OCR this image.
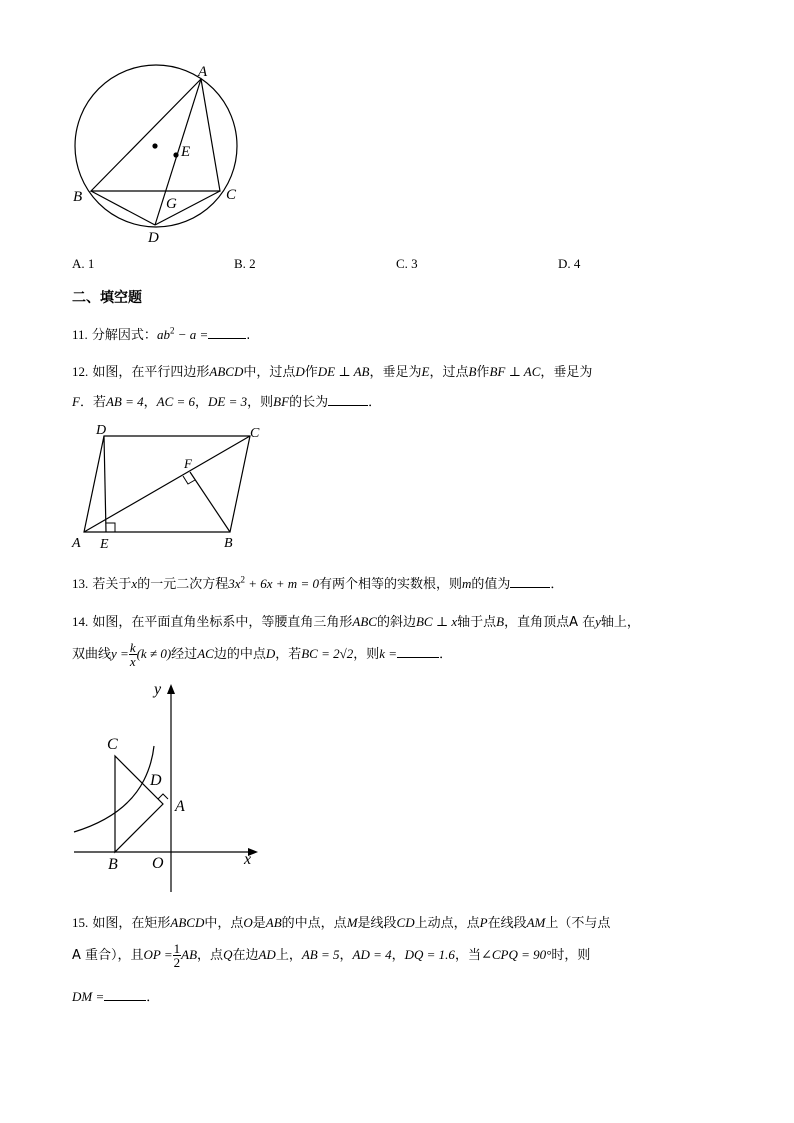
A
B	C
D
E
G
A. 1	B. 2	C. 3	D. 4
二、填空题
11. 分解因式：$ab^2 - a$ =	.
12. 如图，在平行四边形ABCD中，过点D作DE ⊥ AB，垂足为E，过点B作BF ⊥ AC，垂足为
F．若AB = 4，AC = 6，DE = 3，则BF的长为	．
A E	B
C
D
F
13. 若关于x的一元二次方程$3x^2 + 6x + m = 0$有两个相等的实数根，则m的值为	．
14. 如图，在平面直角坐标系中，等腰直角三角形ABC的斜边BC ⊥ x轴于点B，直角顶点A 在y轴上，
双曲线$y = \frac{k}{x} (k \ne 0)$经过AC边的中点D，若BC = 2√2，则k =	．
x
y
O
B
C
D
A
15. 如图，在矩形ABCD中，点O是AB的中点，点M是线段CD上动点，点P在线段AM上（不与点
A 重合），且OP = $\frac{1}{2}$ AB，点Q在边AD上，AB = 5，AD = 4，DQ = 1.6，当∠CPQ = 90°时，则
DM =	．
